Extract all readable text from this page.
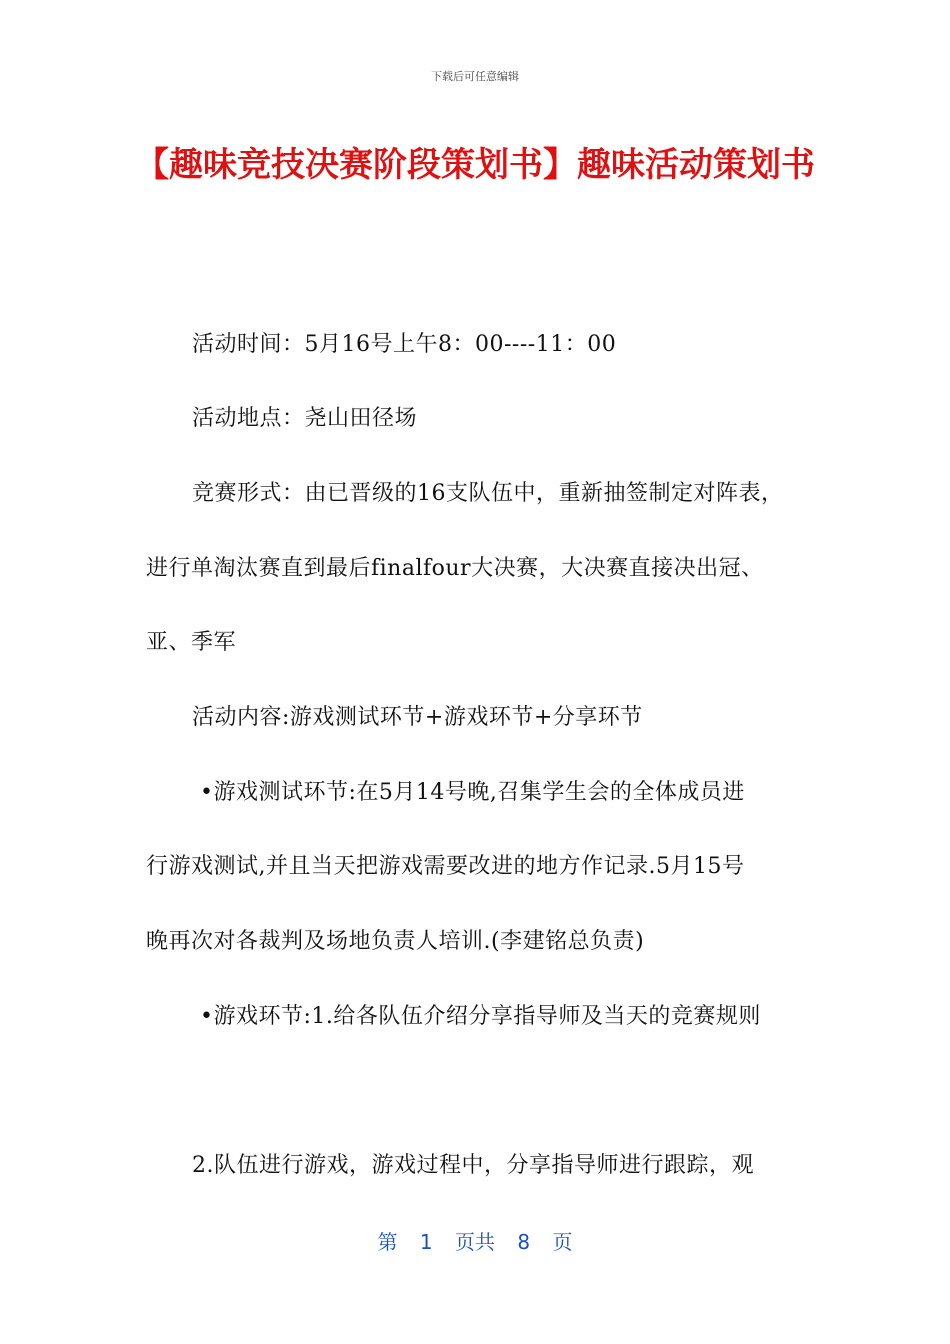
下载后可任意编辑
【趣味竞技决赛阶段策划书】趣味活动策划书
活动时间：5月16号上午8：00----11：00
活动地点：尧山田径场
竞赛形式：由已晋级的16支队伍中，重新抽签制定对阵表，
进行单淘汰赛直到最后finalfour大决赛，大决赛直接决出冠、
亚、季军
活动内容:游戏测试环节+游戏环节+分享环节
•游戏测试环节:在5月14号晚,召集学生会的全体成员进
行游戏测试,并且当天把游戏需要改进的地方作记录.5月15号
晚再次对各裁判及场地负责人培训.(李建铭总负责)
•游戏环节:1.给各队伍介绍分享指导师及当天的竞赛规则
2.队伍进行游戏，游戏过程中，分享指导师进行跟踪，观
第 1 页共 8 页
